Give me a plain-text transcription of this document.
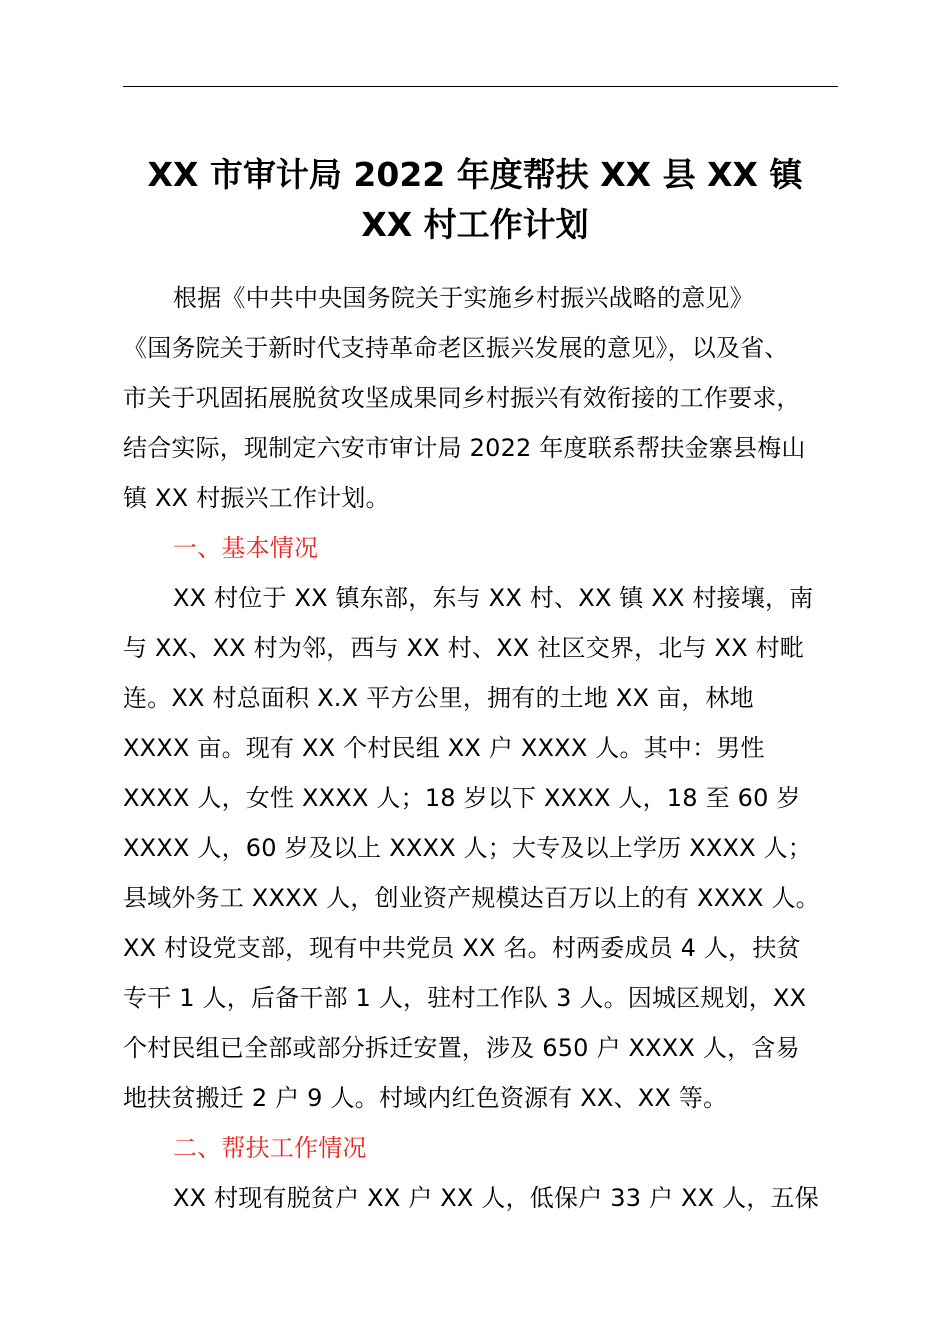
XX 市审计局 2022 年度帮扶 XX 县 XX 镇
XX 村工作计划
根据《中共中央国务院关于实施乡村振兴战略的意见》
《国务院关于新时代支持革命老区振兴发展的意见》，以及省、
市关于巩固拓展脱贫攻坚成果同乡村振兴有效衔接的工作要求，
结合实际，现制定六安市审计局 2022 年度联系帮扶金寨县梅山
镇 XX 村振兴工作计划。
一、基本情况
XX 村位于 XX 镇东部，东与 XX 村、XX 镇 XX 村接壤，南
与 XX、XX 村为邻，西与 XX 村、XX 社区交界，北与 XX 村毗
连。XX 村总面积 X.X 平方公里，拥有的土地 XX 亩，林地
XXXX 亩。现有 XX 个村民组 XX 户 XXXX 人。其中：男性
XXXX 人，女性 XXXX 人；18 岁以下 XXXX 人，18 至 60 岁
XXXX 人，60 岁及以上 XXXX 人；大专及以上学历 XXXX 人；
县域外务工 XXXX 人，创业资产规模达百万以上的有 XXXX 人。
XX 村设党支部，现有中共党员 XX 名。村两委成员 4 人，扶贫
专干 1 人，后备干部 1 人，驻村工作队 3 人。因城区规划，XX
个村民组已全部或部分拆迁安置，涉及 650 户 XXXX 人，含易
地扶贫搬迁 2 户 9 人。村域内红色资源有 XX、XX 等。
二、帮扶工作情况
XX 村现有脱贫户 XX 户 XX 人，低保户 33 户 XX 人，五保
